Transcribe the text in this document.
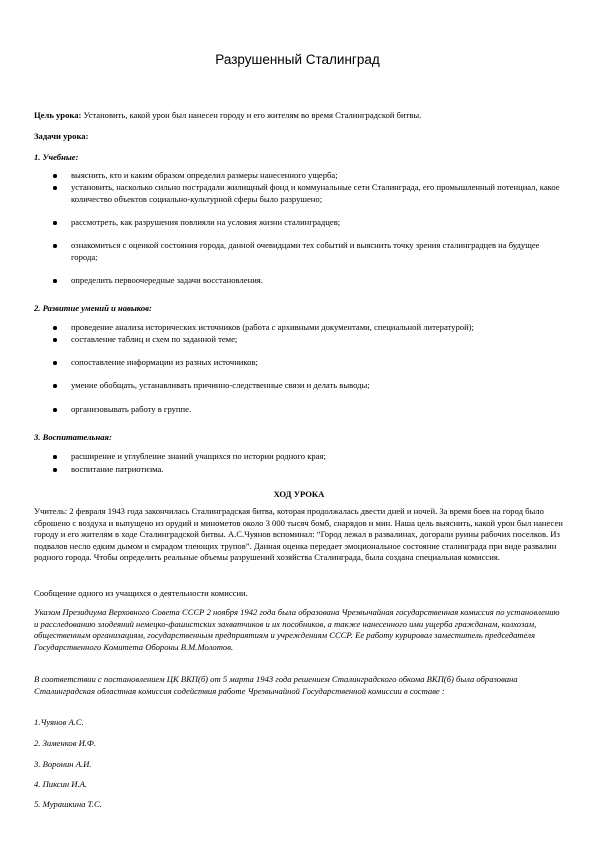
Разрушенный Сталинград
Цель урока: Установить, какой урон был нанесен городу и его жителям во время Сталинградской битвы.
Задачи урока:
1. Учебные:
выяснить, кто и каким образом определил размеры нанесенного ущерба;
установить, насколько сильно пострадали жилищный фонд и коммунальные сети Сталинграда, его промышленный потенциал, какое количество объектов социально-культурной сферы было разрушено;
рассмотреть, как разрушения повлияли на условия жизни сталинградцев;
ознакомиться с оценкой состояния города, данной очевидцами тех событий и выяснить точку зрения сталинградцев на будущее города;
определить первоочередные задачи восстановления.
2. Развитие умений и навыков:
проведение анализа исторических источников (работа с архивными документами, специальной литературой);
составление таблиц и схем по заданной теме;
сопоставление информации из разных источников;
умение обобщать, устанавливать причинно-следственные связи и делать выводы;
организовывать работу в группе.
3. Воспитательная:
расширение и углубление знаний учащихся по истории родного края;
воспитание патриотизма.
ХОД УРОКА
Учитель: 2 февраля 1943 года закончилась Сталинградская битва, которая продолжалась двести дней и ночей. За время боев на город было сброшено с воздуха и выпущено из орудий и минометов около 3 000 тысяч бомб, снарядов и мин. Наша цель выяснить, какой урон был нанесен городу и его жителям в ходе Сталинградской битвы. А.С.Чуянов вспоминал: “Город лежал в развалинах, догорали руины рабочих поселков. Из подвалов несло едким дымом и смрадом тлеющих трупов”. Данная оценка передает эмоциональное состояние сталинграда при виде развалин родного города. Чтобы определить реальные объемы разрушений хозяйства Сталинграда, была создана специальная комиссия.
Сообщение одного из учащихся о деятельности комиссии.
Указом Президиума Верховного Совета СССР 2 ноября 1942 года была образована Чрезвычайная государственная комиссия по установлению и расследованию злодеяний немецко-фашистских захватчиков и их пособников, а также нанесенного ими ущерба гражданам, колхозам, общественным организациям, государственным предприятиям и учреждениям СССР. Ее работу курировал заместитель председателя Государственного Комитета Обороны В.М.Молотов.
В соответствии с постановлением ЦК ВКП(б) от 5 марта 1943 года решением Сталинградского обкома ВКП(б) была образована Сталинградская областная комиссия содействия работе Чрезвычайной Государственной комиссии в составе :
1.Чуянов А.С.
2. Зименков И.Ф.
3. Воронин А.И.
4. Пиксин И.А.
5. Мурашкина Т.С.
